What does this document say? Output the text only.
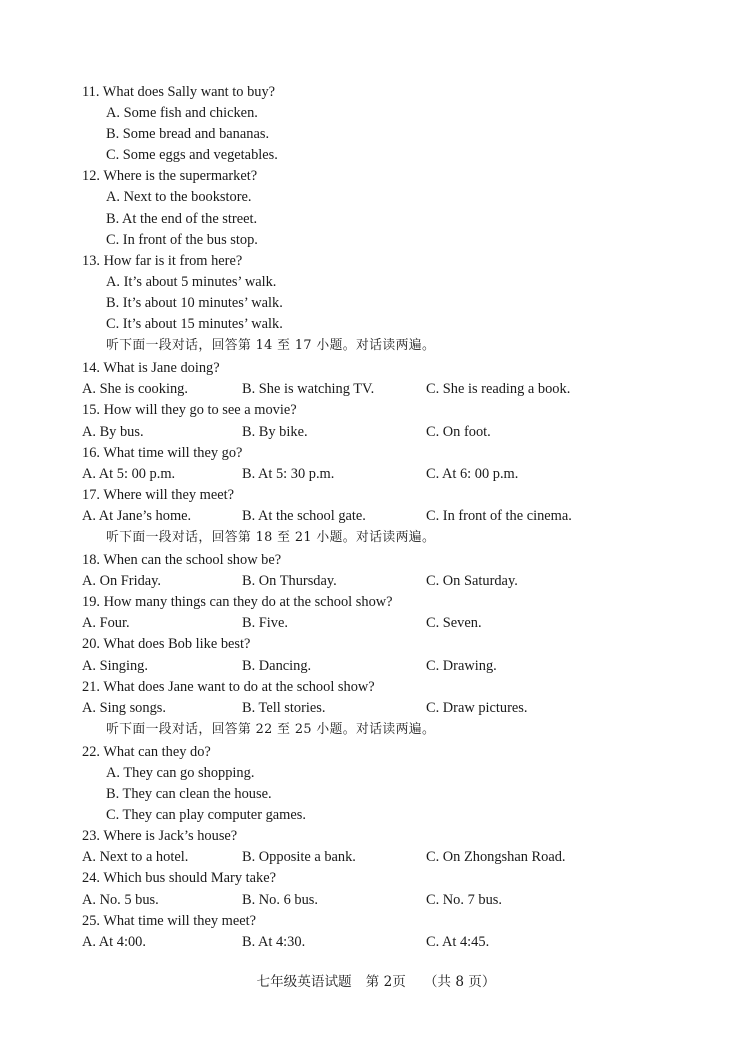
11. What does Sally want to buy?
A. Some fish and chicken.
B. Some bread and bananas.
C. Some eggs and vegetables.
12. Where is the supermarket?
A. Next to the bookstore.
B. At the end of the street.
C. In front of the bus stop.
13. How far is it from here?
A. It’s about 5 minutes’ walk.
B. It’s about 10 minutes’ walk.
C. It’s about 15 minutes’ walk.
听下面一段对话，回答第 14 至 17 小题。对话读两遍。
14. What is Jane doing?
A. She is cooking.	B. She is watching TV.	C. She is reading a book.
15. How will they go to see a movie?
A. By bus.	B. By bike.	C. On foot.
16. What time will they go?
A. At 5: 00 p.m.	B. At 5: 30 p.m.	C. At 6: 00 p.m.
17. Where will they meet?
A. At Jane’s home.	B. At the school gate.	C. In front of the cinema.
听下面一段对话，回答第 18 至 21 小题。对话读两遍。
18. When can the school show be?
A. On Friday.	B. On Thursday.	C. On Saturday.
19. How many things can they do at the school show?
A. Four.	B. Five.	C. Seven.
20. What does Bob like best?
A. Singing.	B. Dancing.	C. Drawing.
21. What does Jane want to do at the school show?
A. Sing songs.	B. Tell stories.	C. Draw pictures.
听下面一段对话，回答第 22 至 25 小题。对话读两遍。
22. What can they do?
A. They can go shopping.
B. They can clean the house.
C. They can play computer games.
23. Where is Jack’s house?
A. Next to a hotel.	B. Opposite a bank.	C. On Zhongshan Road.
24. Which bus should Mary take?
A. No. 5 bus.	B. No. 6 bus.	C. No. 7 bus.
25. What time will they meet?
A. At 4:00.	B. At 4:30.	C. At 4:45.
七年级英语试题 第 2页 （共 8 页）
